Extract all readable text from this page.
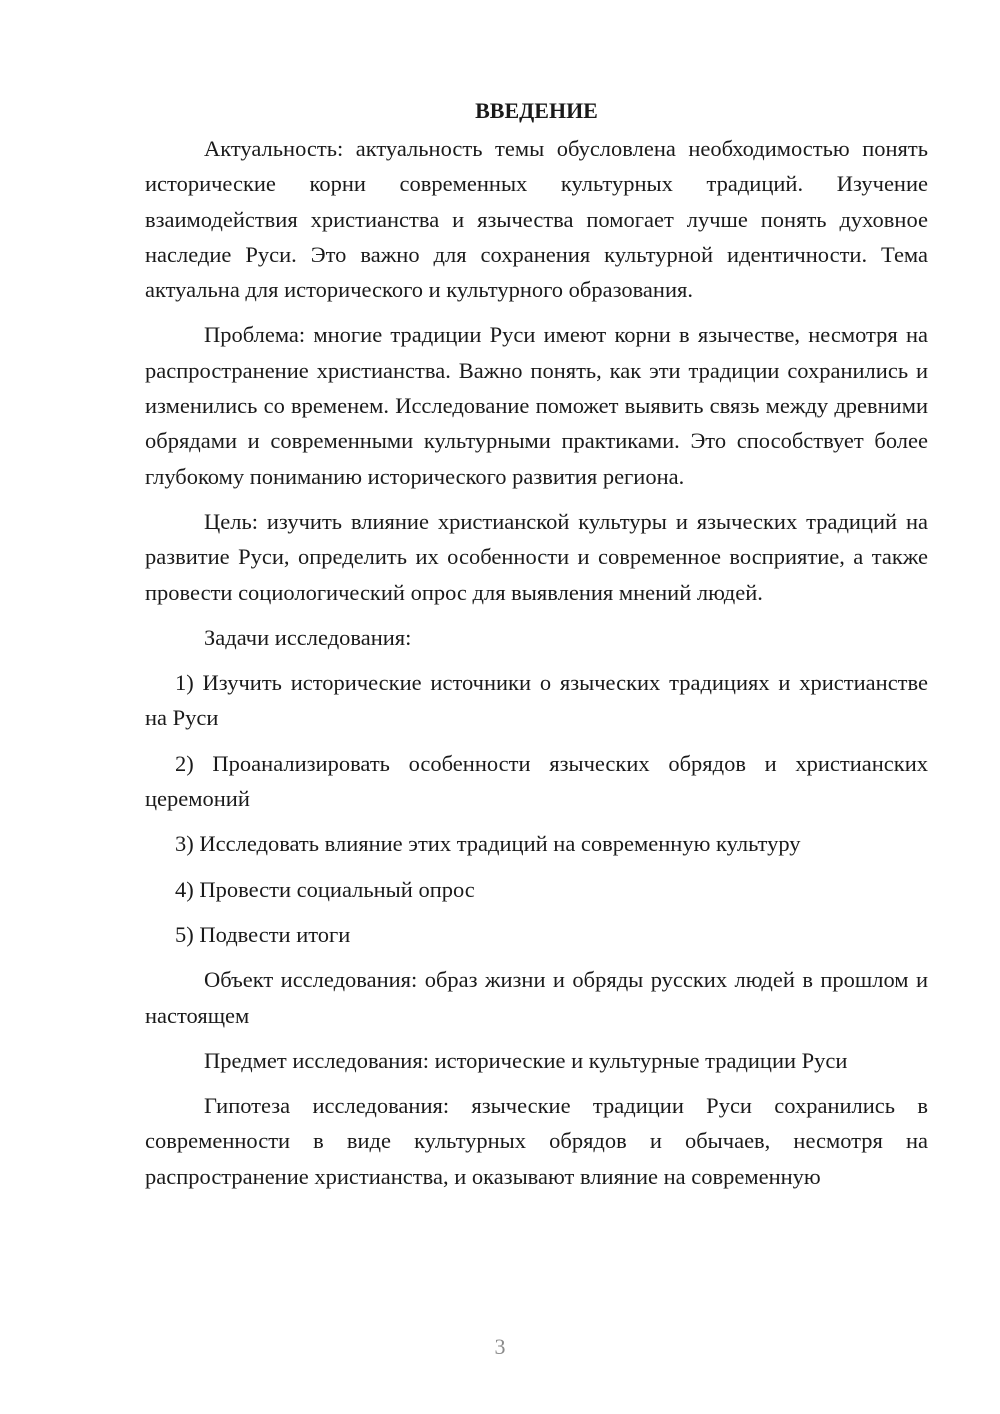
ВВЕДЕНИЕ

Актуальность: актуальность темы обусловлена необходимостью понять исторические корни современных культурных традиций. Изучение взаимодействия христианства и язычества помогает лучше понять духовное наследие Руси. Это важно для сохранения культурной идентичности. Тема актуальна для исторического и культурного образования.

Проблема: многие традиции Руси имеют корни в язычестве, несмотря на распространение христианства. Важно понять, как эти традиции сохранились и изменились со временем. Исследование поможет выявить связь между древними обрядами и современными культурными практиками. Это способствует более глубокому пониманию исторического развития региона.

Цель: изучить влияние христианской культуры и языческих традиций на развитие Руси, определить их особенности и современное восприятие, а также провести социологический опрос для выявления мнений людей.

Задачи исследования:

1) Изучить исторические источники о языческих традициях и христианстве на Руси

2) Проанализировать особенности языческих обрядов и христианских церемоний

3) Исследовать влияние этих традиций на современную культуру

4) Провести социальный опрос

5) Подвести итоги

Объект исследования: образ жизни и обряды русских людей в прошлом и настоящем

Предмет исследования: исторические и культурные традиции Руси

Гипотеза исследования: языческие традиции Руси сохранились в современности в виде культурных обрядов и обычаев, несмотря на распространение христианства, и оказывают влияние на современную

3
